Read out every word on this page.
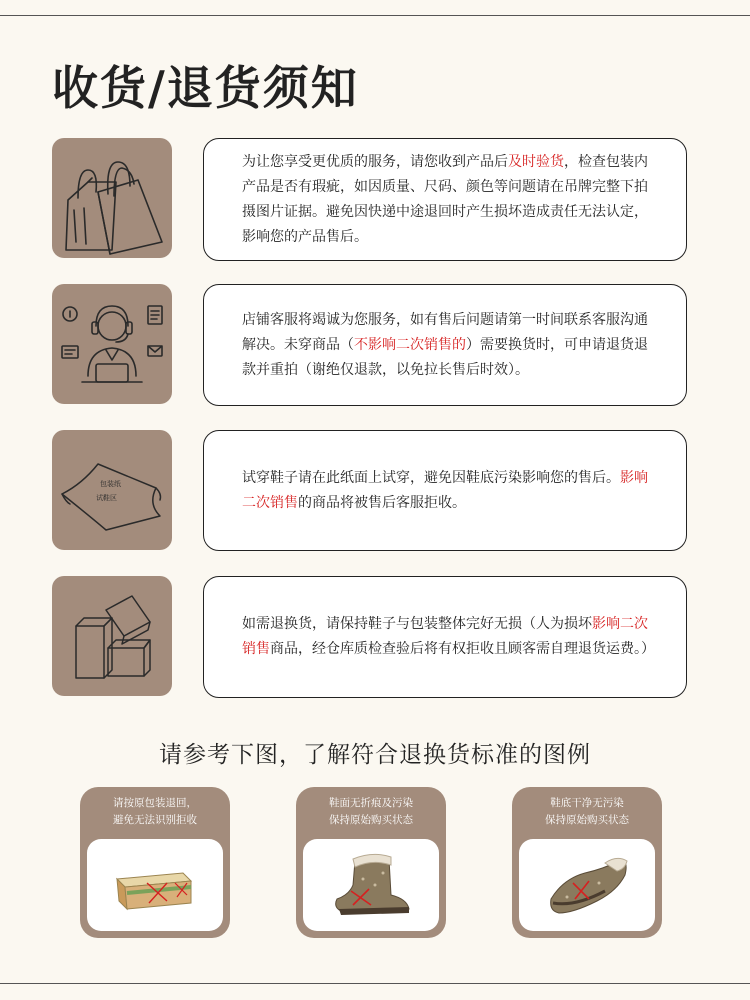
收货/退货须知

为让您享受更优质的服务，请您收到产品后及时验货，检查包装内产品是否有瑕疵，如因质量、尺码、颜色等问题请在吊牌完整下拍摄图片证据。避免因快递中途退回时产生损坏造成责任无法认定，影响您的产品售后。

店铺客服将竭诚为您服务，如有售后问题请第一时间联系客服沟通解决。未穿商品（不影响二次销售的）需要换货时，可申请退货退款并重拍（谢绝仅退款，以免拉长售后时效）。

包装纸
试鞋区

试穿鞋子请在此纸面上试穿，避免因鞋底污染影响您的售后。影响二次销售的商品将被售后客服拒收。

如需退换货，请保持鞋子与包装整体完好无损（人为损坏影响二次销售商品，经仓库质检查验后将有权拒收且顾客需自理退货运费。）

请参考下图，了解符合退换货标准的图例
请按原包装退回，
避免无法识别拒收
鞋面无折痕及污染
保持原始购买状态
鞋底干净无污染
保持原始购买状态
